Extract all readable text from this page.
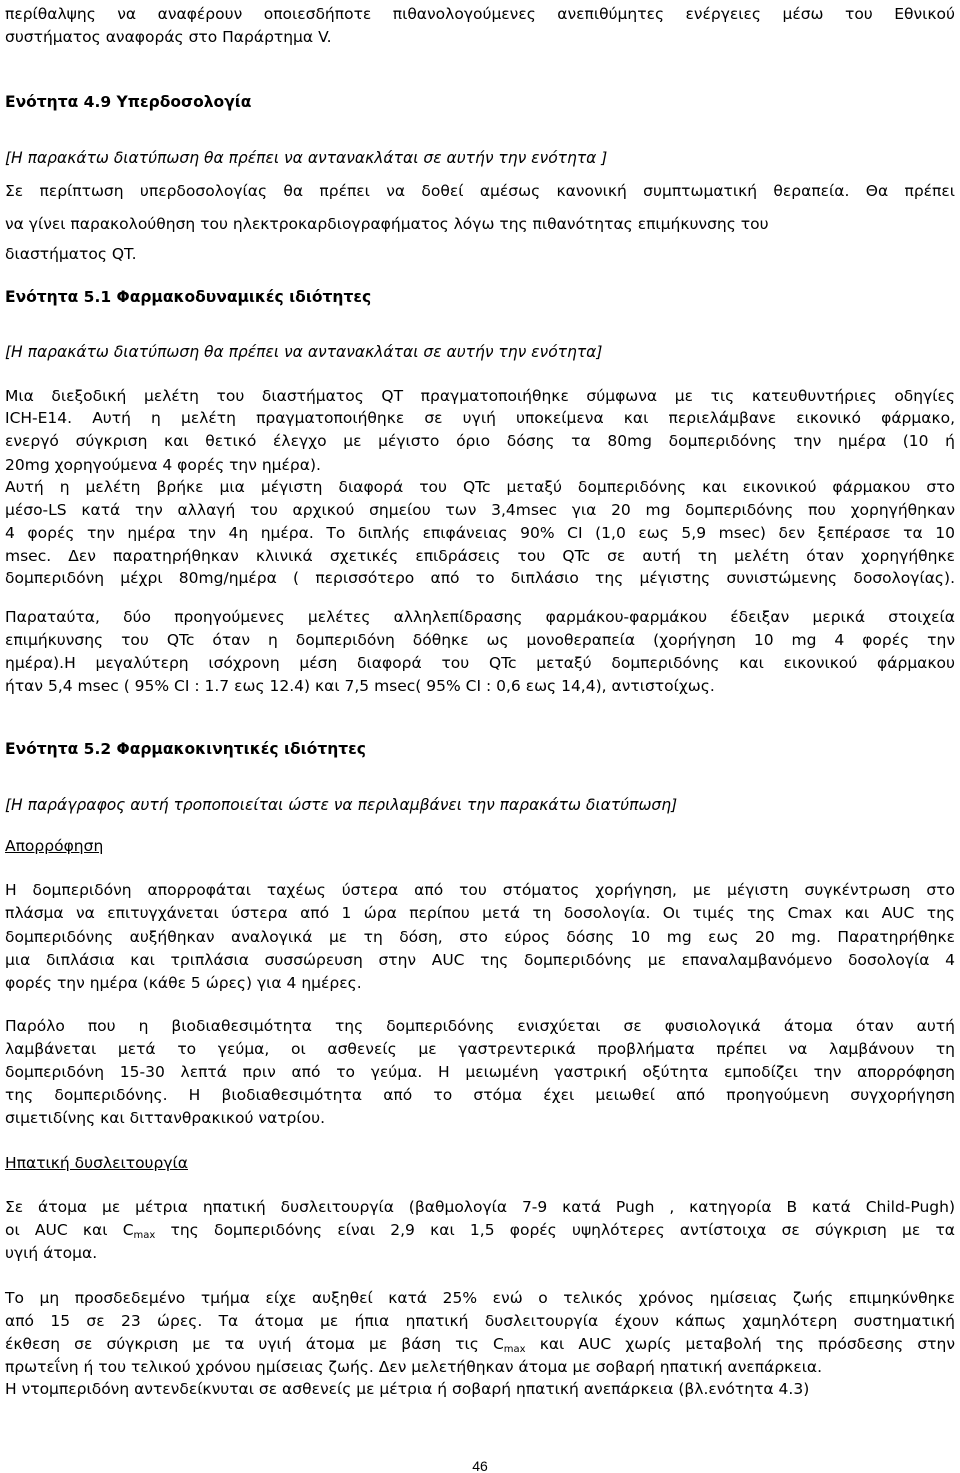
περίθαλψης να αναφέρουν οποιεσδήποτε πιθανολογούμενες ανεπιθύμητες ενέργειες μέσω του Εθνικού
συστήματος αναφοράς στο Παράρτημα V.
Ενότητα 4.9 Υπερδοσολογία
[Η παρακάτω διατύπωση θα πρέπει να αντανακλάται σε αυτήν την ενότητα ]
Σε περίπτωση υπερδοσολογίας θα πρέπει να δοθεί αμέσως κανονική συμπτωματική θεραπεία. Θα πρέπει
να γίνει παρακολούθηση του ηλεκτροκαρδιογραφήματος λόγω της πιθανότητας επιμήκυνσης του
διαστήματος QT.
Ενότητα 5.1 Φαρμακοδυναμικές ιδιότητες
[Η παρακάτω διατύπωση θα πρέπει να αντανακλάται σε αυτήν την ενότητα]
Μια διεξοδική μελέτη του διαστήματος QT πραγματοποιήθηκε σύμφωνα με τις κατευθυντήριες οδηγίες
ICH-E14. Αυτή η μελέτη πραγματοποιήθηκε σε υγιή υποκείμενα και περιελάμβανε εικονικό φάρμακο,
ενεργό σύγκριση και θετικό έλεγχο με μέγιστο όριο δόσης τα 80mg δομπεριδόνης την ημέρα (10 ή
20mg χορηγούμενα 4 φορές την ημέρα).
Αυτή η μελέτη βρήκε μια μέγιστη διαφορά του QTc μεταξύ δομπεριδόνης και εικονικού φάρμακου στο
μέσο-LS κατά την αλλαγή του αρχικού σημείου των 3,4msec για 20 mg δομπεριδόνης που χορηγήθηκαν
4 φορές την ημέρα την 4η ημέρα. Το διπλής επιφάνειας 90% CI (1,0 εως 5,9 msec) δεν ξεπέρασε τα 10
msec. Δεν παρατηρήθηκαν κλινικά σχετικές επιδράσεις του QTc σε αυτή τη μελέτη όταν χορηγήθηκε
δομπεριδόνη μέχρι 80mg/ημέρα ( περισσότερο από το διπλάσιο της μέγιστης συνιστώμενης δοσολογίας).
Παραταύτα, δύο προηγούμενες μελέτες αλληλεπίδρασης φαρμάκου-φαρμάκου έδειξαν μερικά στοιχεία
επιμήκυνσης του QTc όταν η δομπεριδόνη δόθηκε ως μονοθεραπεία (χορήγηση 10 mg 4 φορές την
ημέρα).Η μεγαλύτερη ισόχρονη μέση διαφορά του QTc μεταξύ δομπεριδόνης και εικονικού φάρμακου
ήταν 5,4 msec ( 95% CI : 1.7 εως 12.4) και 7,5 msec( 95% CI : 0,6 εως 14,4), αντιστοίχως.
Ενότητα 5.2 Φαρμακοκινητικές ιδιότητες
[Η παράγραφος αυτή τροποποιείται ώστε να περιλαμβάνει την παρακάτω διατύπωση]
Απορρόφηση
Η δομπεριδόνη απορροφάται ταχέως ύστερα από του στόματος χορήγηση, με μέγιστη συγκέντρωση στο
πλάσμα να επιτυγχάνεται ύστερα από 1 ώρα περίπου μετά τη δοσολογία. Οι τιμές της Cmax και AUC της
δομπεριδόνης αυξήθηκαν αναλογικά με τη δόση, στο εύρος δόσης 10 mg εως 20 mg. Παρατηρήθηκε
μια διπλάσια και τριπλάσια συσσώρευση στην AUC της δομπεριδόνης με επαναλαμβανόμενο δοσολογία 4
φορές την ημέρα (κάθε 5 ώρες) για 4 ημέρες.
Παρόλο που η βιοδιαθεσιμότητα της δομπεριδόνης ενισχύεται σε φυσιολογικά άτομα όταν αυτή
λαμβάνεται μετά το γεύμα, οι ασθενείς με γαστρεντερικά προβλήματα πρέπει να λαμβάνουν τη
δομπεριδόνη 15-30 λεπτά πριν από το γεύμα. Η μειωμένη γαστρική οξύτητα εμποδίζει την απορρόφηση
της δομπεριδόνης. Η βιοδιαθεσιμότητα από το στόμα έχει μειωθεί από προηγούμενη συγχορήγηση
σιμετιδίνης και διττανθρακικού νατρίου.
Ηπατική δυσλειτουργία
Σε άτομα με μέτρια ηπατική δυσλειτουργία (βαθμολογία 7-9 κατά Pugh , κατηγορία B κατά Child-Pugh)
οι AUC και $C_{max}$ της δομπεριδόνης είναι 2,9 και 1,5 φορές υψηλότερες αντίστοιχα σε σύγκριση με τα
υγιή άτομα.
Το μη προσδεδεμένο τμήμα είχε αυξηθεί κατά 25% ενώ ο τελικός χρόνος ημίσειας ζωής επιμηκύνθηκε
από 15 σε 23 ώρες. Τα άτομα με ήπια ηπατική δυσλειτουργία έχουν κάπως χαμηλότερη συστηματική
έκθεση σε σύγκριση με τα υγιή άτομα με βάση τις $C_{max}$ και AUC χωρίς μεταβολή της πρόσδεσης στην
πρωτεΐνη ή του τελικού χρόνου ημίσειας ζωής. Δεν μελετήθηκαν άτομα με σοβαρή ηπατική ανεπάρκεια.
Η ντομπεριδόνη αντενδείκνυται σε ασθενείς με μέτρια ή σοβαρή ηπατική ανεπάρκεια (βλ.ενότητα 4.3)
46
